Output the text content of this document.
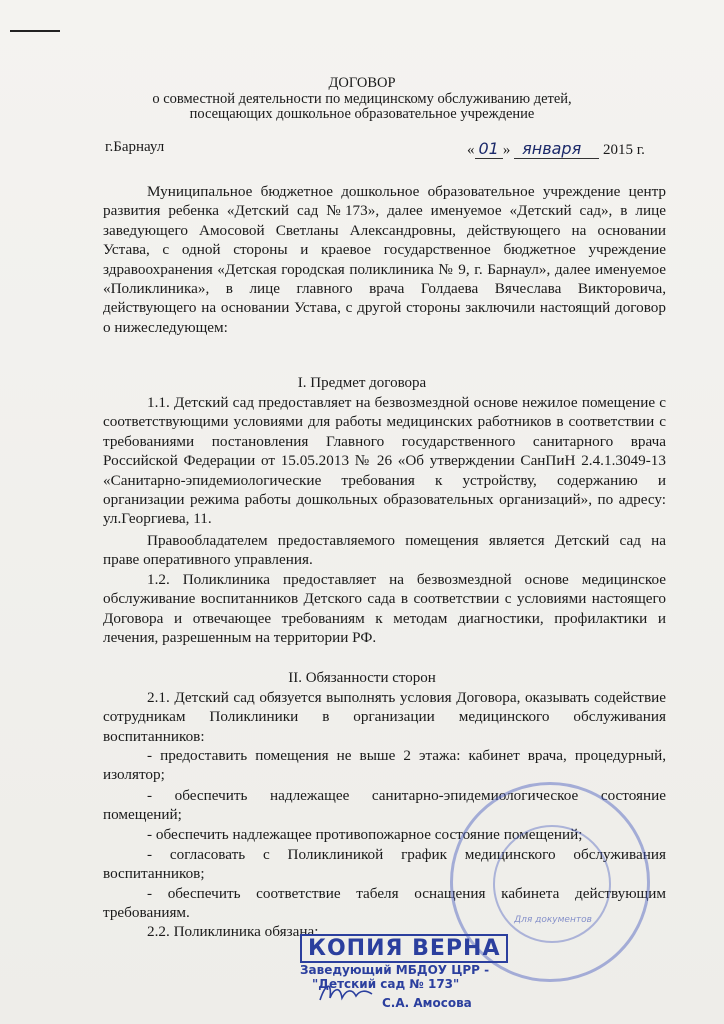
ДОГОВОР
о совместной деятельности по медицинскому обслуживанию детей,
посещающих дошкольное образовательное учреждение
г.Барнаул	« 01 » января 2015 г.
Муниципальное бюджетное дошкольное образовательное учреждение центр развития ребенка «Детский сад №173», далее именуемое «Детский сад», в лице заведующего Амосовой Светланы Александровны, действующего на основании Устава, с одной стороны и краевое государственное бюджетное учреждение здравоохранения «Детская городская поликлиника № 9, г. Барнаул», далее именуемое «Поликлиника», в лице главного врача Голдаева Вячеслава Викторовича, действующего на основании Устава, с другой стороны заключили настоящий договор о нижеследующем:
I. Предмет договора
1.1. Детский сад предоставляет на безвозмездной основе нежилое помещение с соответствующими условиями для работы медицинских работников в соответствии с требованиями постановления Главного государственного санитарного врача Российской Федерации от 15.05.2013 № 26 «Об утверждении СанПиН 2.4.1.3049-13 «Санитарно-эпидемиологические требования к устройству, содержанию и организации режима работы дошкольных образовательных организаций», по адресу: ул.Георгиева, 11.
Правообладателем предоставляемого помещения является Детский сад на праве оперативного управления.
1.2. Поликлиника предоставляет на безвозмездной основе медицинское обслуживание воспитанников Детского сада в соответствии с условиями настоящего Договора и отвечающее требованиям к методам диагностики, профилактики и лечения, разрешенным на территории РФ.
II. Обязанности сторон
2.1. Детский сад обязуется выполнять условия Договора, оказывать содействие сотрудникам Поликлиники в организации медицинского обслуживания воспитанников:
- предоставить помещения не выше 2 этажа: кабинет врача, процедурный, изолятор;
- обеспечить надлежащее санитарно-эпидемиологическое состояние помещений;
- обеспечить надлежащее противопожарное состояние помещений;
- согласовать с Поликлиникой график медицинского обслуживания воспитанников;
- обеспечить соответствие табеля оснащения кабинета действующим требованиям.
2.2. Поликлиника обязана:
Для документов
КОПИЯ ВЕРНА
Заведующий МБДОУ ЦРР -
"Детский сад № 173"
С.А. Амосова
